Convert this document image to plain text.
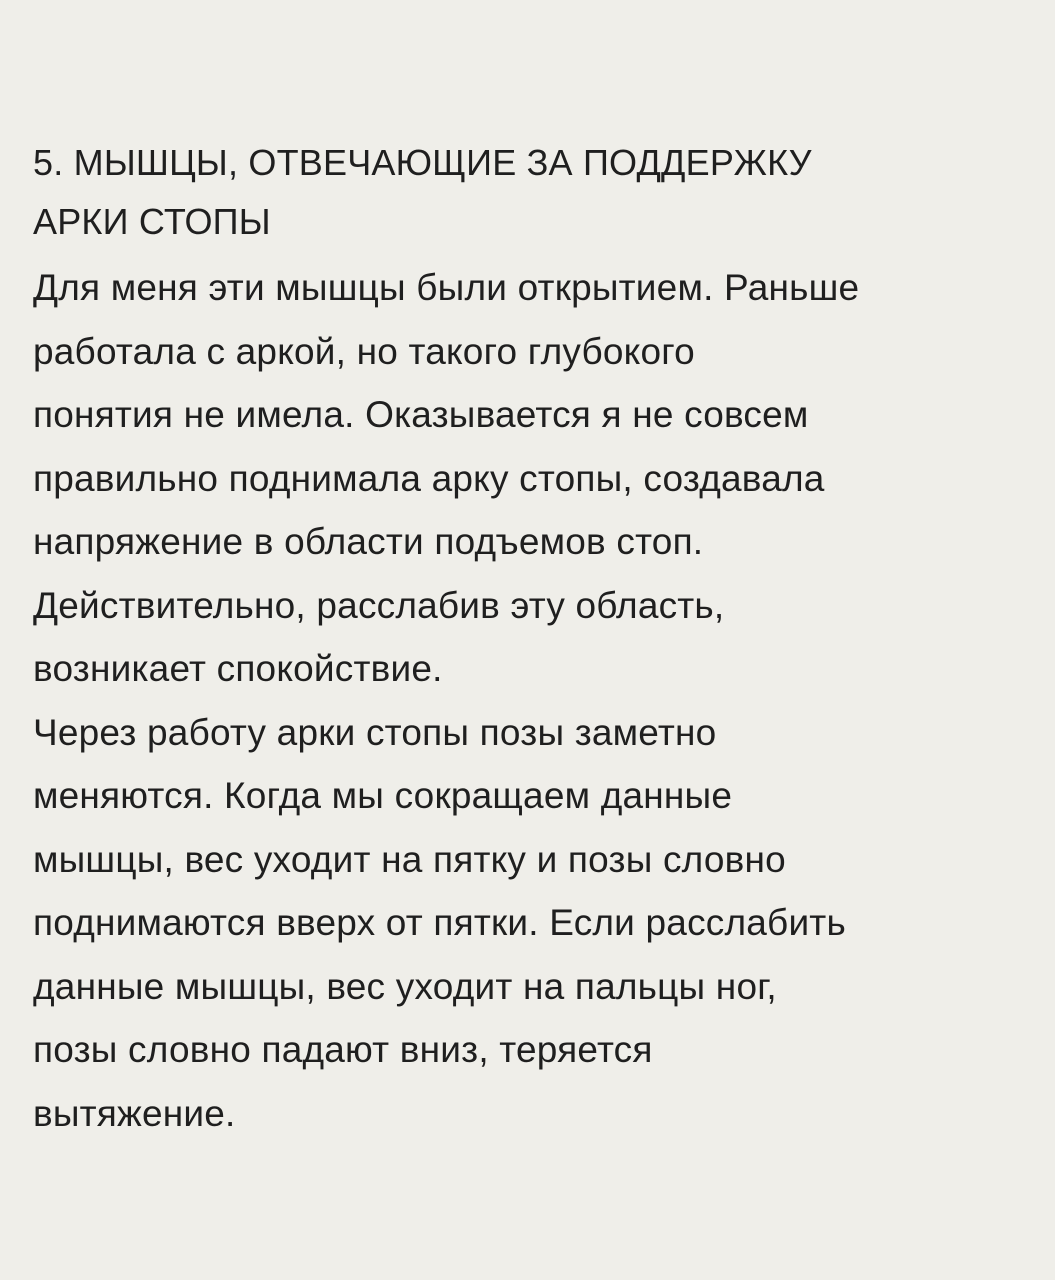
5. МЫШЦЫ, ОТВЕЧАЮЩИЕ ЗА ПОДДЕРЖКУ
АРКИ СТОПЫ
Для меня эти мышцы были открытием. Раньше
работала с аркой, но такого глубокого
понятия не имела. Оказывается я не совсем
правильно поднимала арку стопы, создавала
напряжение в области подъемов стоп.
Действительно, расслабив эту область,
возникает спокойствие.
Через работу арки стопы позы заметно
меняются. Когда мы сокращаем данные
мышцы, вес уходит на пятку и позы словно
поднимаются вверх от пятки. Если расслабить
данные мышцы, вес уходит на пальцы ног,
позы словно падают вниз, теряется
вытяжение.
